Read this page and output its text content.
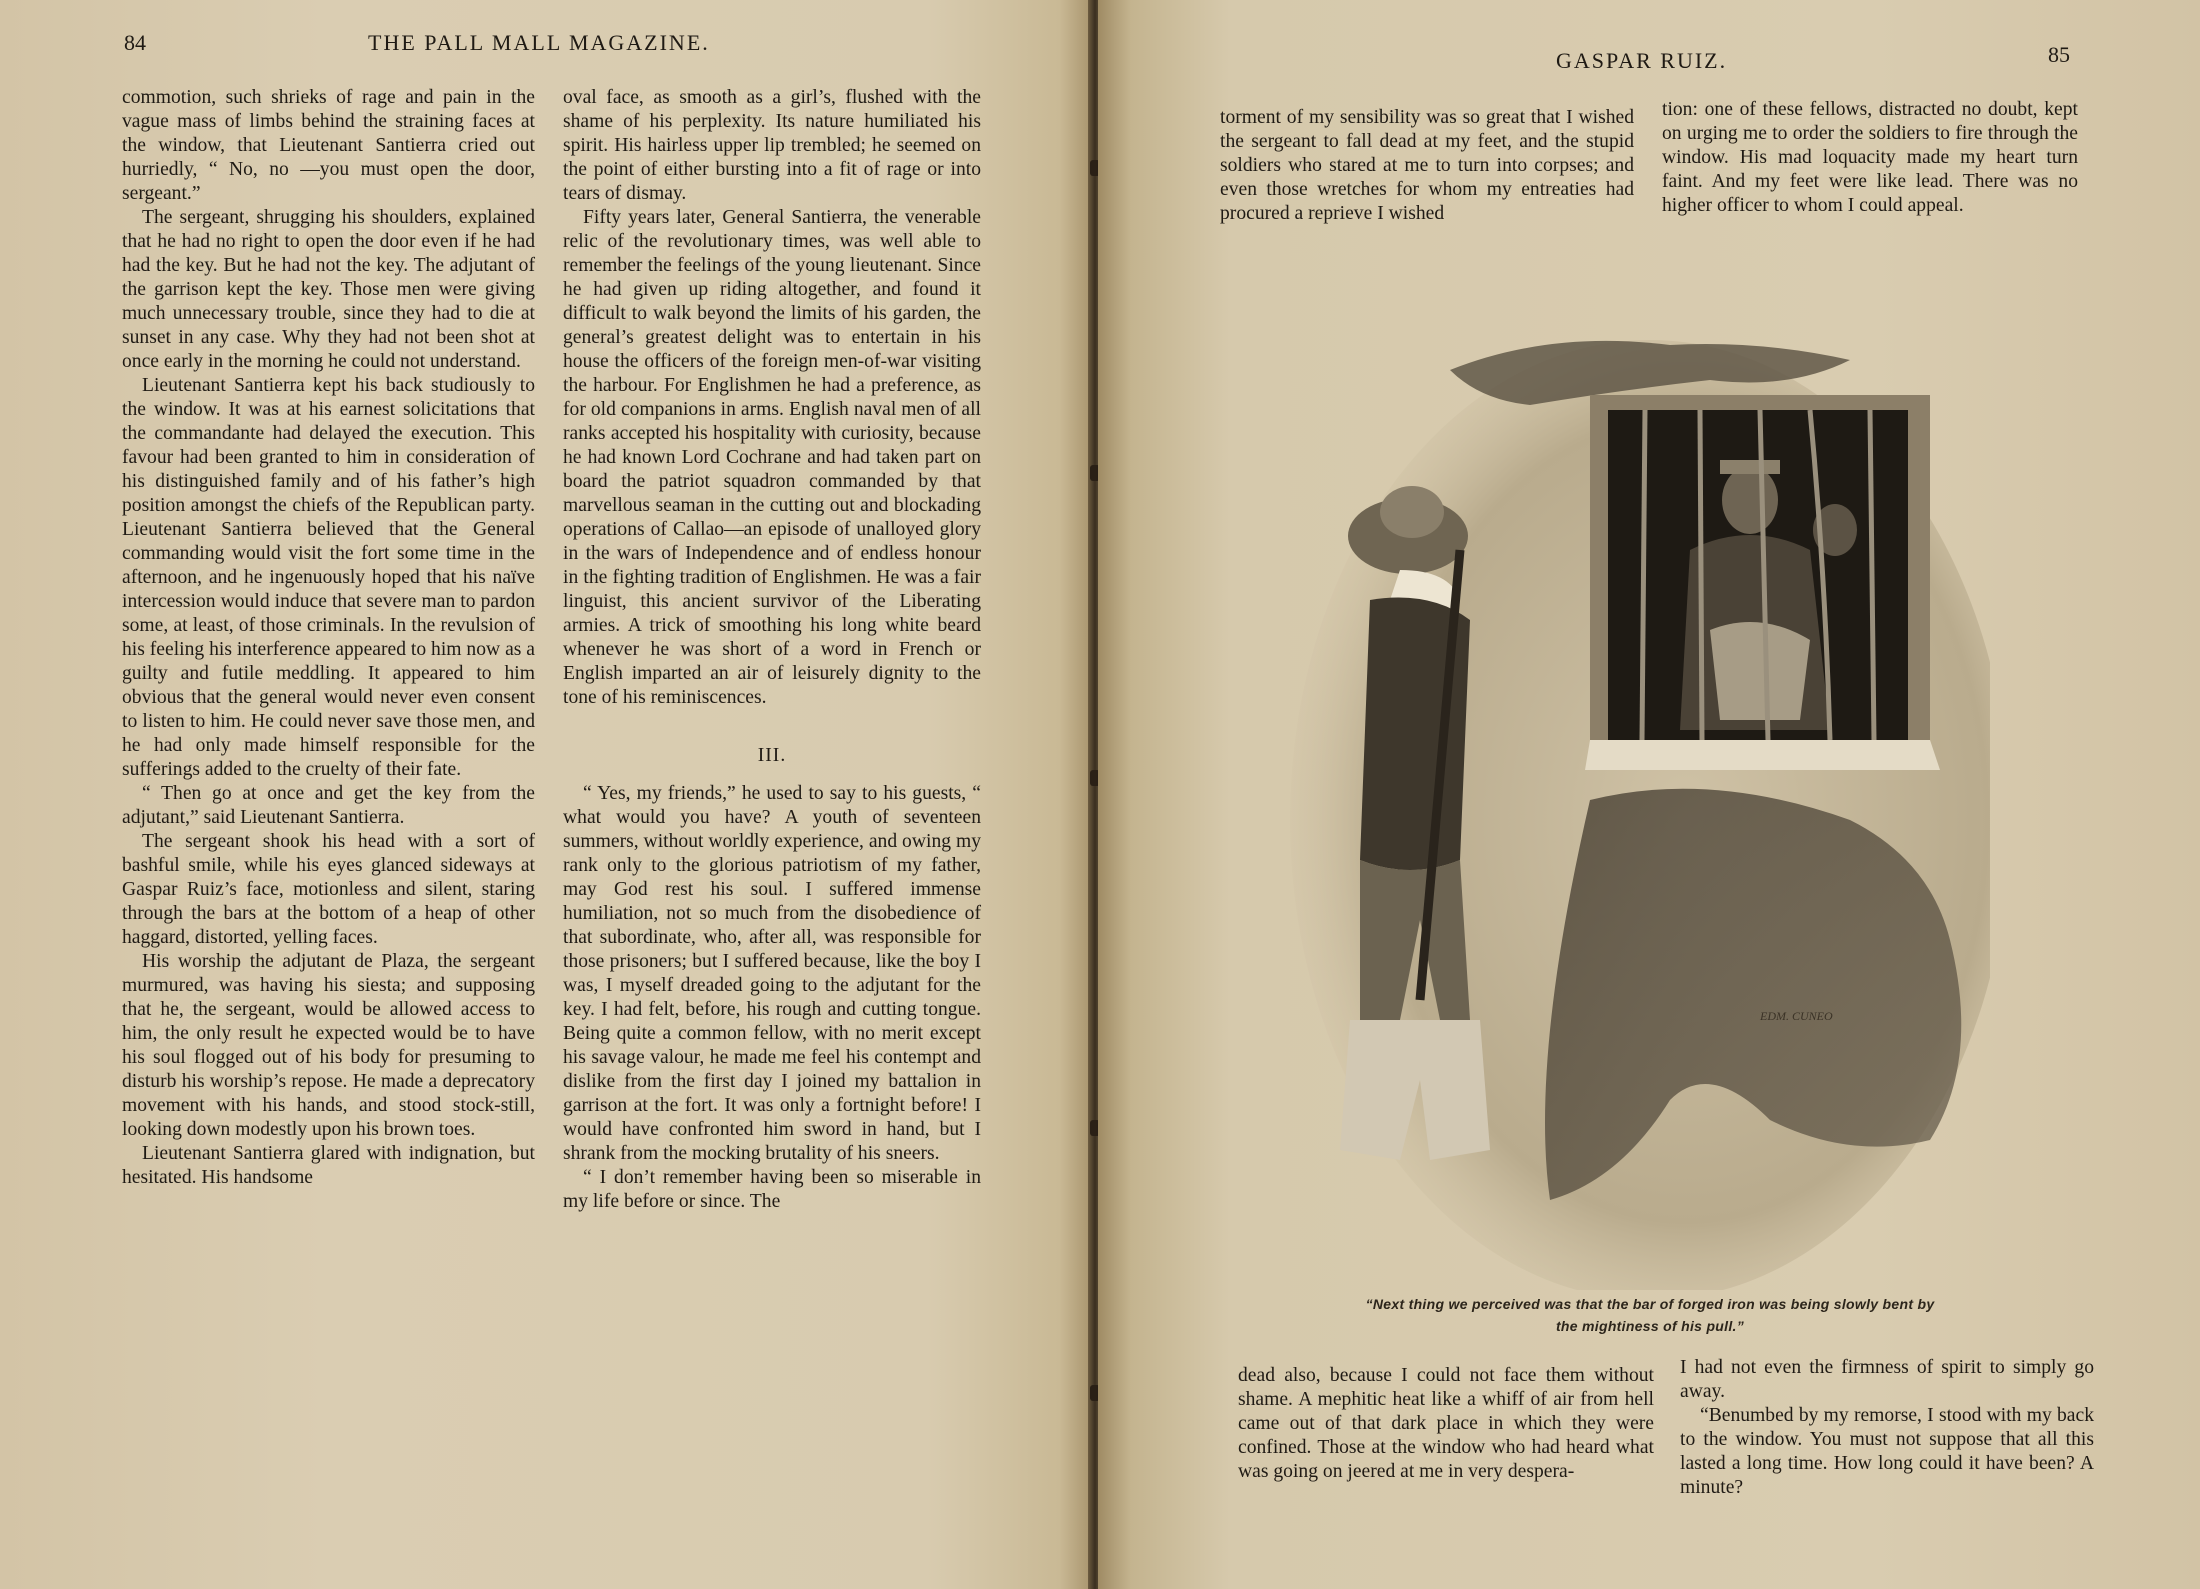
84	THE PALL MALL MAGAZINE.

commotion, such shrieks of rage and pain in the vague mass of limbs behind the straining faces at the window, that Lieutenant Santierra cried out hurriedly, “ No, no —you must open the door, sergeant.”

The sergeant, shrugging his shoulders, explained that he had no right to open the door even if he had had the key. But he had not the key. The adjutant of the garrison kept the key. Those men were giving much unnecessary trouble, since they had to die at sunset in any case. Why they had not been shot at once early in the morning he could not understand.

Lieutenant Santierra kept his back studiously to the window. It was at his earnest solicitations that the commandante had delayed the execution. This favour had been granted to him in consideration of his distinguished family and of his father’s high position amongst the chiefs of the Republican party. Lieutenant Santierra believed that the General commanding would visit the fort some time in the afternoon, and he ingenuously hoped that his naïve intercession would induce that severe man to pardon some, at least, of those criminals. In the revulsion of his feeling his interference appeared to him now as a guilty and futile meddling. It appeared to him obvious that the general would never even consent to listen to him. He could never save those men, and he had only made himself responsible for the sufferings added to the cruelty of their fate.

“ Then go at once and get the key from the adjutant,” said Lieutenant Santierra.

The sergeant shook his head with a sort of bashful smile, while his eyes glanced sideways at Gaspar Ruiz’s face, motionless and silent, staring through the bars at the bottom of a heap of other haggard, distorted, yelling faces.

His worship the adjutant de Plaza, the sergeant murmured, was having his siesta; and supposing that he, the sergeant, would be allowed access to him, the only result he expected would be to have his soul flogged out of his body for presuming to disturb his worship’s repose. He made a deprecatory movement with his hands, and stood stock-still, looking down modestly upon his brown toes.

Lieutenant Santierra glared with indignation, but hesitated. His handsome

oval face, as smooth as a girl’s, flushed with the shame of his perplexity. Its nature humiliated his spirit. His hairless upper lip trembled; he seemed on the point of either bursting into a fit of rage or into tears of dismay.

Fifty years later, General Santierra, the venerable relic of the revolutionary times, was well able to remember the feelings of the young lieutenant. Since he had given up riding altogether, and found it difficult to walk beyond the limits of his garden, the general’s greatest delight was to entertain in his house the officers of the foreign men-of-war visiting the harbour. For Englishmen he had a preference, as for old companions in arms. English naval men of all ranks accepted his hospitality with curiosity, because he had known Lord Cochrane and had taken part on board the patriot squadron commanded by that marvellous seaman in the cutting out and blockading operations of Callao—an episode of unalloyed glory in the wars of Independence and of endless honour in the fighting tradition of Englishmen. He was a fair linguist, this ancient survivor of the Liberating armies. A trick of smoothing his long white beard whenever he was short of a word in French or English imparted an air of leisurely dignity to the tone of his reminiscences.

III.

“ Yes, my friends,” he used to say to his guests, “ what would you have? A youth of seventeen summers, without worldly experience, and owing my rank only to the glorious patriotism of my father, may God rest his soul. I suffered immense humiliation, not so much from the disobedience of that subordinate, who, after all, was responsible for those prisoners; but I suffered because, like the boy I was, I myself dreaded going to the adjutant for the key. I had felt, before, his rough and cutting tongue. Being quite a common fellow, with no merit except his savage valour, he made me feel his contempt and dislike from the first day I joined my battalion in garrison at the fort. It was only a fortnight before! I would have confronted him sword in hand, but I shrank from the mocking brutality of his sneers.

“ I don’t remember having been so miserable in my life before or since. The

GASPAR RUIZ.	85

torment of my sensibility was so great that I wished the sergeant to fall dead at my feet, and the stupid soldiers who stared at me to turn into corpses; and even those wretches for whom my entreaties had procured a reprieve I wished

tion: one of these fellows, distracted no doubt, kept on urging me to order the soldiers to fire through the window. His mad loquacity made my heart turn faint. And my feet were like lead. There was no higher officer to whom I could appeal.

EDM. CUNEO
“Next thing we perceived was that the bar of forged iron was being slowly bent by
the mightiness of his pull.”

dead also, because I could not face them without shame. A mephitic heat like a whiff of air from hell came out of that dark place in which they were confined. Those at the window who had heard what was going on jeered at me in very despera-

I had not even the firmness of spirit to simply go away.

“Benumbed by my remorse, I stood with my back to the window. You must not suppose that all this lasted a long time. How long could it have been? A minute?
